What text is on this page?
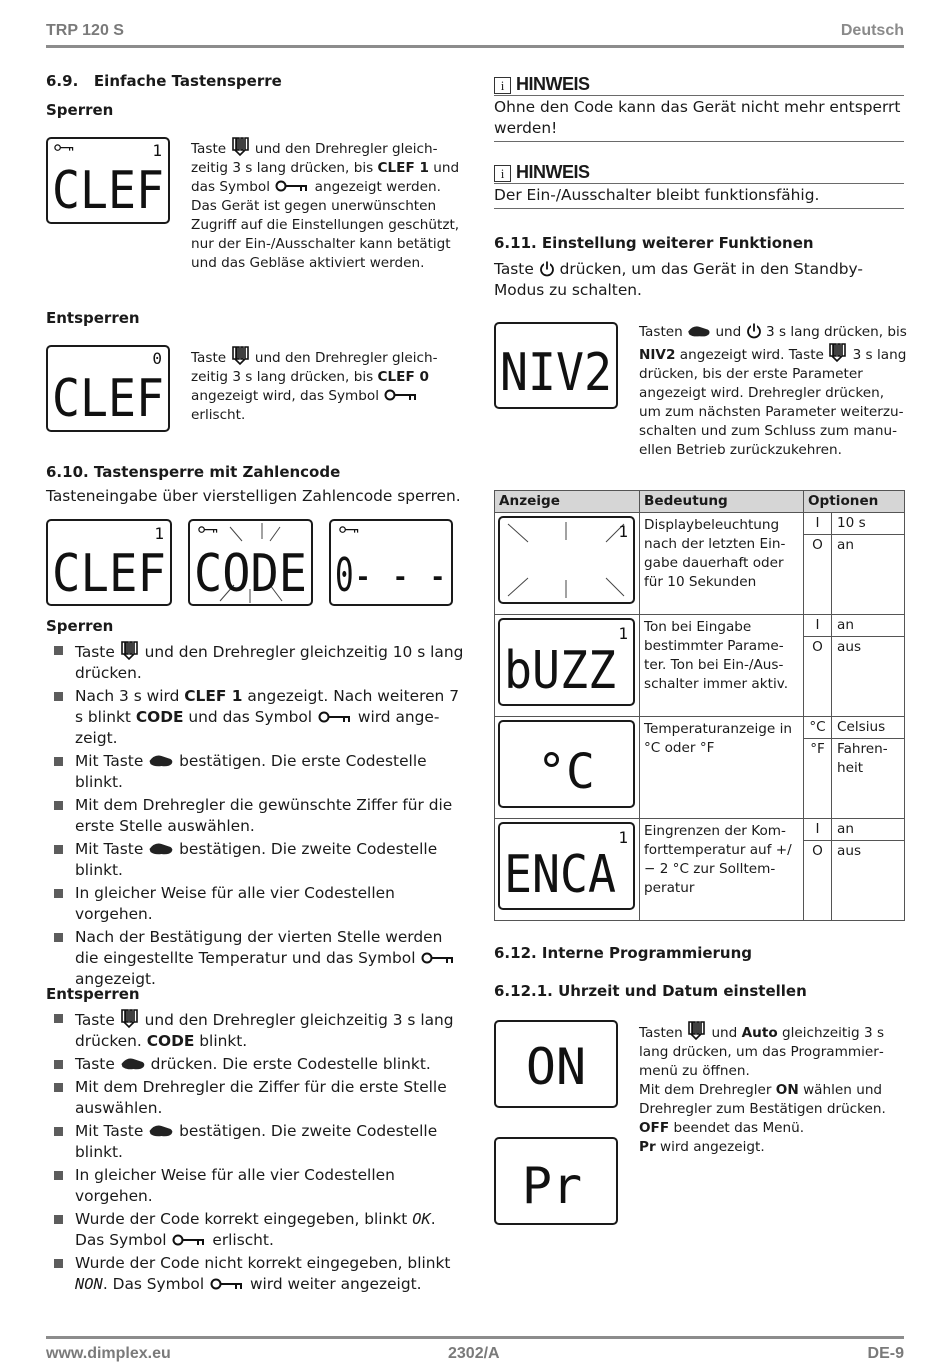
TRP 120 S	Deutsch
www.dimplex.eu	2302/A	DE-9
6.9.   Einfache Tastensperre
Sperren
1
CLEF
Taste und den Drehregler gleich- zeitig 3 s lang drücken, bis CLEF 1 und das Symbol	angezeigt werden. Das Gerät ist gegen unerwünschten Zugriff auf die Einstellungen geschützt, nur der Ein-/Ausschalter kann betätigt und das Gebläse aktiviert werden.
Entsperren
0
CLEF
Taste und den Drehregler gleich- zeitig 3 s lang drücken, bis CLEF 0 angezeigt wird, das Symbol  erlischt.
6.10. Tastensperre mit Zahlencode
Tasteneingabe über vierstelligen Zahlencode sperren.
1
CLEF CODE 0- - -
Sperren
Taste und den Drehregler gleichzeitig 10 s lang drücken.
Nach 3 s wird CLEF 1 angezeigt. Nach weiteren 7 s blinkt CODE und das Symbol	wird angezeigt.
Mit Taste bestätigen. Die erste Codestelle blinkt.
Mit dem Drehregler die gewünschte Ziffer für die erste Stelle auswählen.
Mit Taste bestätigen. Die zweite Codestelle blinkt.
In gleicher Weise für alle vier Codestellen vorgehen.
Nach der Bestätigung der vierten Stelle werden die eingestellte Temperatur und das Symbol  angezeigt.
Entsperren
Taste und den Drehregler gleichzeitig 3 s lang drücken. CODE blinkt.
Taste drücken. Die erste Codestelle blinkt.
Mit dem Drehregler die Ziffer für die erste Stelle auswählen.
Mit Taste bestätigen. Die zweite Codestelle blinkt.
In gleicher Weise für alle vier Codestellen vorgehen.
Wurde der Code korrekt eingegeben, blinkt OK. Das Symbol	erlischt.
Wurde der Code nicht korrekt eingegeben, blinkt NON. Das Symbol	wird weiter angezeigt.
i HINWEIS
Ohne den Code kann das Gerät nicht mehr entsperrt werden!
i HINWEIS
Der Ein-/Ausschalter bleibt funktionsfähig.
6.11. Einstellung weiterer Funktionen
Taste drücken, um das Gerät in den Standby-Modus zu schalten.
NIV2
Tasten und 3 s lang drücken, bis NIV2 angezeigt wird. Taste 3 s lang drücken, bis der erste Parameter angezeigt wird. Drehregler drücken, um zum nächsten Parameter weiterzuschalten und zum Schluss zum manuellen Betrieb zurückzukehren.
Anzeige	Bedeutung	Optionen	

1	Displaybeleuchtung nach der letzten Eingabe dauerhaft oder für 10 Sekunden	I	10 s
		O	an

1
bUZZ	Ton bei Eingabe bestimmter Parameter. Ton bei Ein-/Ausschalter immer aktiv.	I	an
		O	aus

°C	Temperaturanzeige in °C oder °F	°C	Celsius
		°F	Fahrenheit

1
ENCA	Eingrenzen der Komforttemperatur auf +/− 2 °C zur Solltemperatur	I	an
		O	aus
6.12. Interne Programmierung
6.12.1. Uhrzeit und Datum einstellen
ON
Pr
Tasten und Auto gleichzeitig 3 s lang drücken, um das Programmiermenü zu öffnen.
Mit dem Drehregler ON wählen und Drehregler zum Bestätigen drücken.
OFF beendet das Menü.
Pr wird angezeigt.
